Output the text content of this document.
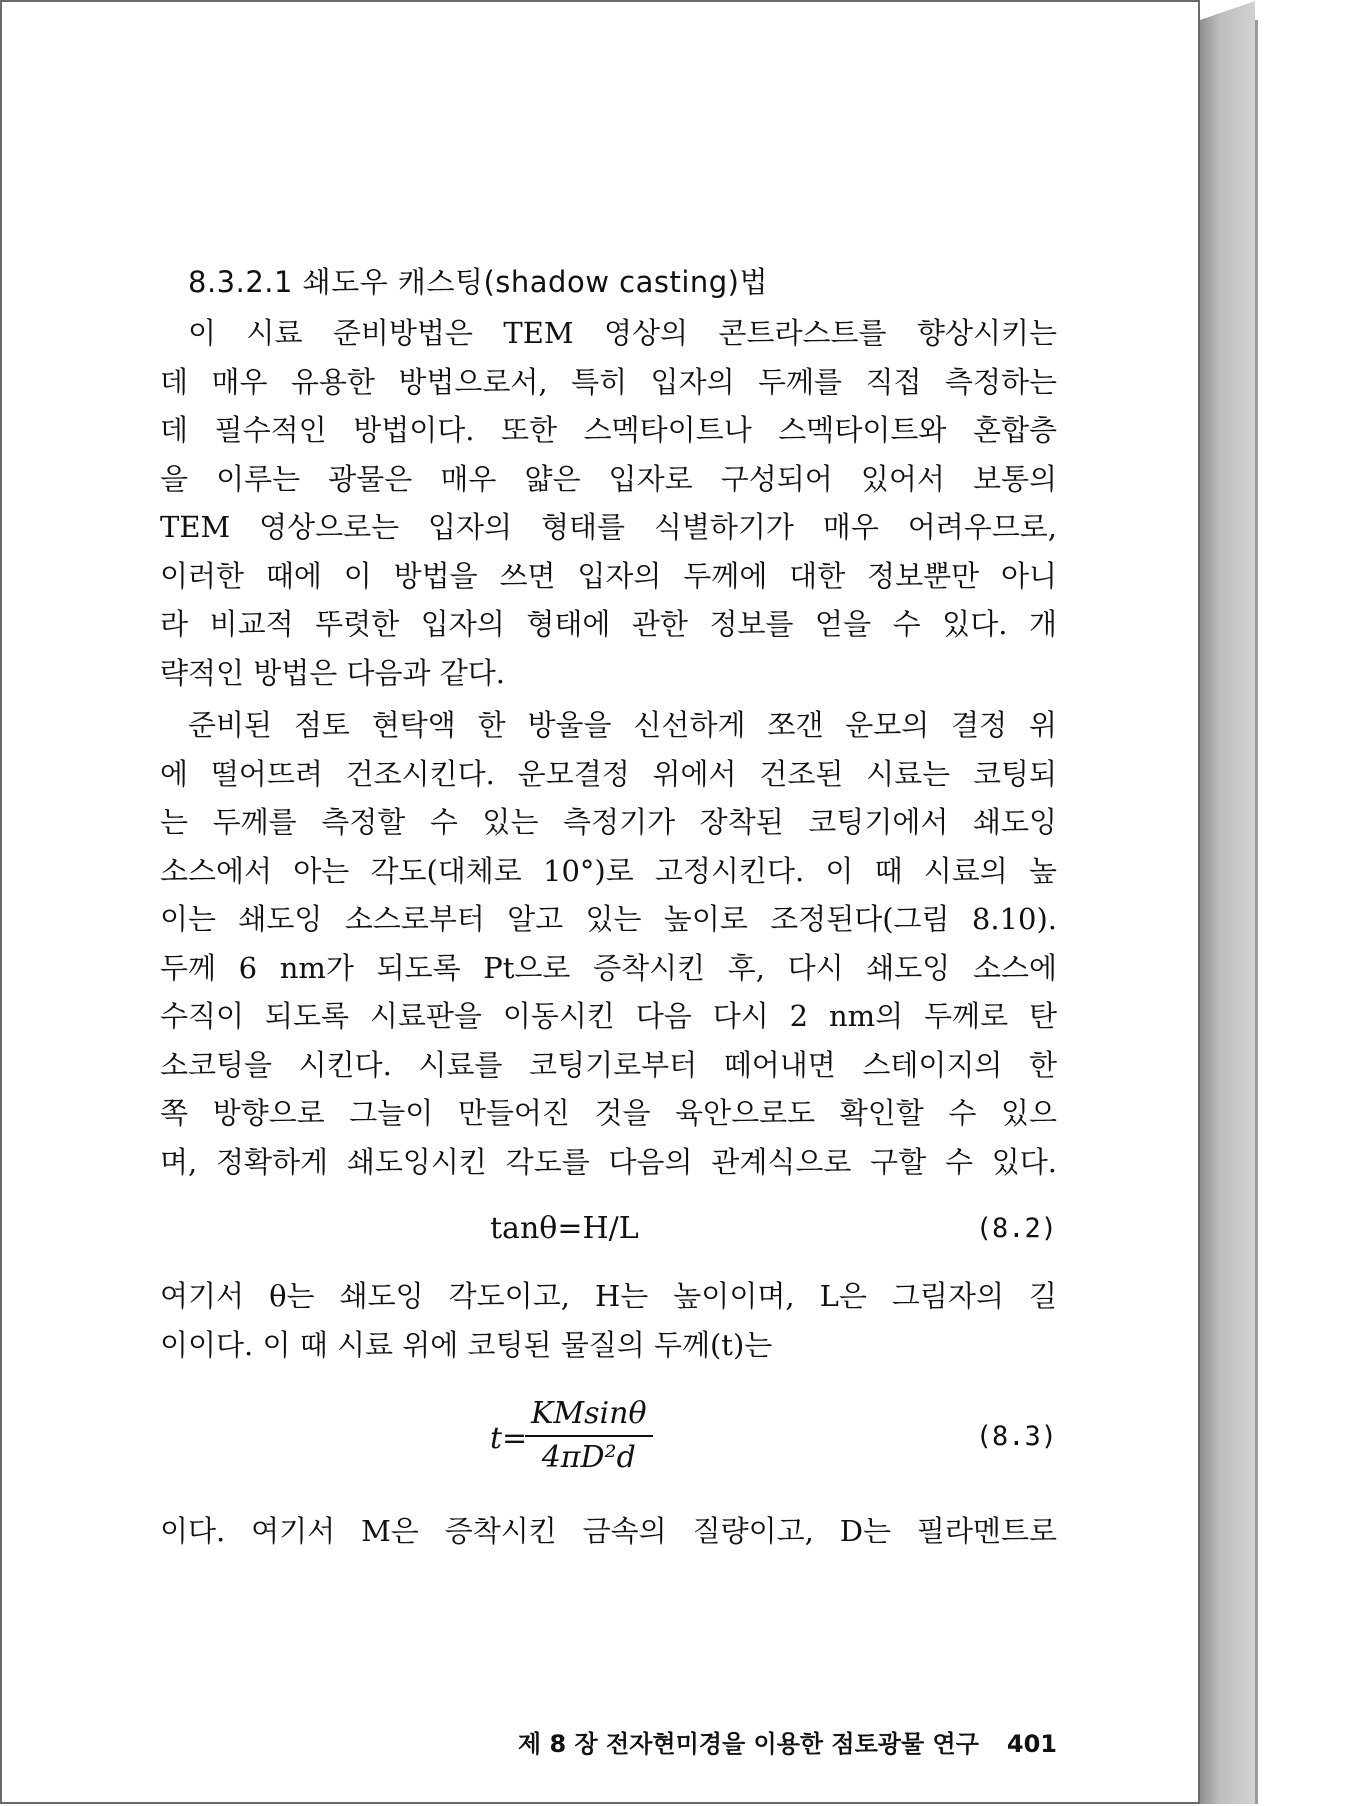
8.3.2.1 쇄도우 캐스팅(shadow casting)법
이 시료 준비방법은 TEM 영상의 콘트라스트를 향상시키는
데 매우 유용한 방법으로서, 특히 입자의 두께를 직접 측정하는
데 필수적인 방법이다. 또한 스멕타이트나 스멕타이트와 혼합층
을 이루는 광물은 매우 얇은 입자로 구성되어 있어서 보통의
TEM 영상으로는 입자의 형태를 식별하기가 매우 어려우므로,
이러한 때에 이 방법을 쓰면 입자의 두께에 대한 정보뿐만 아니
라 비교적 뚜렷한 입자의 형태에 관한 정보를 얻을 수 있다. 개
략적인 방법은 다음과 같다.
준비된 점토 현탁액 한 방울을 신선하게 쪼갠 운모의 결정 위
에 떨어뜨려 건조시킨다. 운모결정 위에서 건조된 시료는 코팅되
는 두께를 측정할 수 있는 측정기가 장착된 코팅기에서 쇄도잉
소스에서 아는 각도(대체로 10°)로 고정시킨다. 이 때 시료의 높
이는 쇄도잉 소스로부터 알고 있는 높이로 조정된다(그림 8.10).
두께 6 nm가 되도록 Pt으로 증착시킨 후, 다시 쇄도잉 소스에
수직이 되도록 시료판을 이동시킨 다음 다시 2 nm의 두께로 탄
소코팅을 시킨다. 시료를 코팅기로부터 떼어내면 스테이지의 한
쪽 방향으로 그늘이 만들어진 것을 육안으로도 확인할 수 있으
며, 정확하게 쇄도잉시킨 각도를 다음의 관계식으로 구할 수 있다.
tanθ=H/L	(8.2)
여기서 θ는 쇄도잉 각도이고, H는 높이이며, L은 그림자의 길
이이다. 이 때 시료 위에 코팅된 물질의 두께(t)는
t=
$\frac{KMsin\theta}{\text{4πD²d}}$	(8.3)
이다. 여기서 M은 증착시킨 금속의 질량이고, D는 필라멘트로
제 8 장 전자현미경을 이용한 점토광물 연구 401
